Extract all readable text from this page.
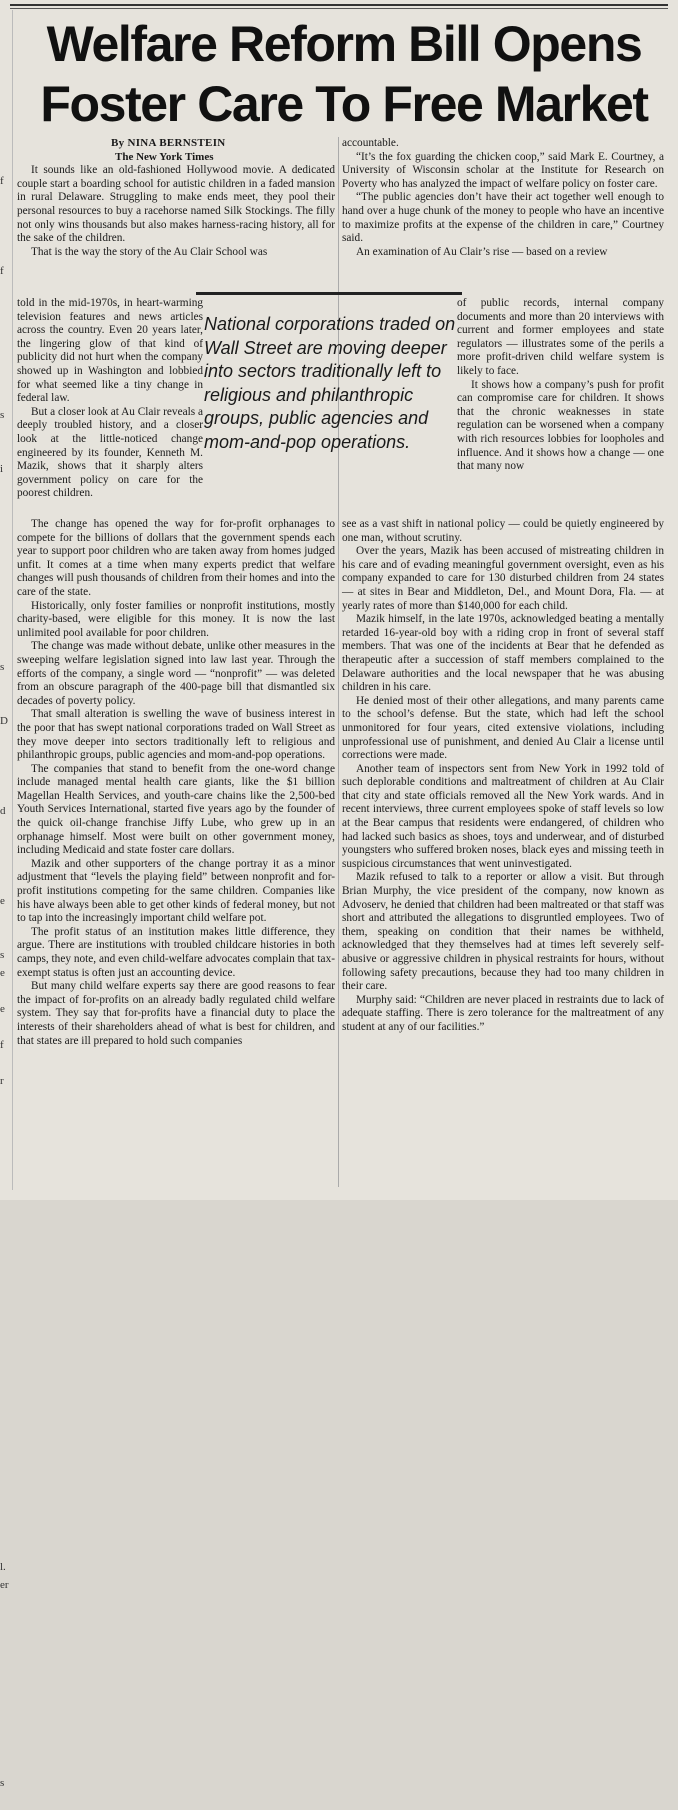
f
f
s
i
s
D
d
e
s
e
e
f
r
l.
er
s
Welfare Reform Bill Opens Foster Care To Free Market

By NINA BERNSTEIN

The New York Times

It sounds like an old-fashioned Hollywood movie. A dedicated couple start a boarding school for autistic children in a faded mansion in rural Delaware. Struggling to make ends meet, they pool their personal resources to buy a racehorse named Silk Stockings. The filly not only wins thousands but also makes harness-racing history, all for the sake of the children.

That is the way the story of the Au Clair School was

accountable.

“It’s the fox guarding the chicken coop,” said Mark E. Courtney, a University of Wisconsin scholar at the Institute for Research on Poverty who has analyzed the impact of welfare policy on foster care.

“The public agencies don’t have their act together well enough to hand over a huge chunk of the money to people who have an incentive to maximize profits at the expense of the children in care,” Courtney said.

An examination of Au Clair’s rise — based on a review

told in the mid-1970s, in heart-warming television features and news articles across the country. Even 20 years later, the lingering glow of that kind of publicity did not hurt when the company showed up in Washington and lobbied for what seemed like a tiny change in federal law.

But a closer look at Au Clair reveals a deeply troubled history, and a closer look at the little-noticed change engineered by its founder, Kenneth M. Mazik, shows that it sharply alters government policy on care for the poorest children.

National corporations traded on Wall Street are moving deeper into sectors traditionally left to religious and philanthropic groups, public agencies and mom-and-pop operations.

of public records, internal company documents and more than 20 interviews with current and former employees and state regulators — illustrates some of the perils a more profit-driven child welfare system is likely to face.

It shows how a company’s push for profit can compromise care for children. It shows that the chronic weaknesses in state regulation can be worsened when a company with rich resources lobbies for loopholes and influence. And it shows how a change — one that many now

The change has opened the way for for-profit orphanages to compete for the billions of dollars that the government spends each year to support poor children who are taken away from homes judged unfit. It comes at a time when many experts predict that welfare changes will push thousands of children from their homes and into the care of the state.

Historically, only foster families or nonprofit institutions, mostly charity-based, were eligible for this money. It is now the last unlimited pool available for poor children.

The change was made without debate, unlike other measures in the sweeping welfare legislation signed into law last year. Through the efforts of the company, a single word — “nonprofit” — was deleted from an obscure paragraph of the 400-page bill that dismantled six decades of poverty policy.

That small alteration is swelling the wave of business interest in the poor that has swept national corporations traded on Wall Street as they move deeper into sectors traditionally left to religious and philanthropic groups, public agencies and mom-and-pop operations.

The companies that stand to benefit from the one-word change include managed mental health care giants, like the $1 billion Magellan Health Services, and youth-care chains like the 2,500-bed Youth Services International, started five years ago by the founder of the quick oil-change franchise Jiffy Lube, who grew up in an orphanage himself. Most were built on other government money, including Medicaid and state foster care dollars.

Mazik and other supporters of the change portray it as a minor adjustment that “levels the playing field” between nonprofit and for-profit institutions competing for the same children. Companies like his have always been able to get other kinds of federal money, but not to tap into the increasingly important child welfare pot.

The profit status of an institution makes little difference, they argue. There are institutions with troubled childcare histories in both camps, they note, and even child-welfare advocates complain that tax-exempt status is often just an accounting device.

But many child welfare experts say there are good reasons to fear the impact of for-profits on an already badly regulated child welfare system. They say that for-profits have a financial duty to place the interests of their shareholders ahead of what is best for children, and that states are ill prepared to hold such companies

see as a vast shift in national policy — could be quietly engineered by one man, without scrutiny.

Over the years, Mazik has been accused of mistreating children in his care and of evading meaningful government oversight, even as his company expanded to care for 130 disturbed children from 24 states — at sites in Bear and Middleton, Del., and Mount Dora, Fla. — at yearly rates of more than $140,000 for each child.

Mazik himself, in the late 1970s, acknowledged beating a mentally retarded 16-year-old boy with a riding crop in front of several staff members. That was one of the incidents at Bear that he defended as therapeutic after a succession of staff members complained to the Delaware authorities and the local newspaper that he was abusing children in his care.

He denied most of their other allegations, and many parents came to the school’s defense. But the state, which had left the school unmonitored for four years, cited extensive violations, including unprofessional use of punishment, and denied Au Clair a license until corrections were made.

Another team of inspectors sent from New York in 1992 told of such deplorable conditions and maltreatment of children at Au Clair that city and state officials removed all the New York wards. And in recent interviews, three current employees spoke of staff levels so low at the Bear campus that residents were endangered, of children who had lacked such basics as shoes, toys and underwear, and of disturbed youngsters who suffered broken noses, black eyes and missing teeth in suspicious circumstances that went uninvestigated.

Mazik refused to talk to a reporter or allow a visit. But through Brian Murphy, the vice president of the company, now known as Advoserv, he denied that children had been maltreated or that staff was short and attributed the allegations to disgruntled employees. Two of them, speaking on condition that their names be withheld, acknowledged that they themselves had at times left severely self-abusive or aggressive children in physical restraints for hours, without following safety precautions, because they had too many children in their care.

Murphy said: “Children are never placed in restraints due to lack of adequate staffing. There is zero tolerance for the maltreatment of any student at any of our facilities.”
